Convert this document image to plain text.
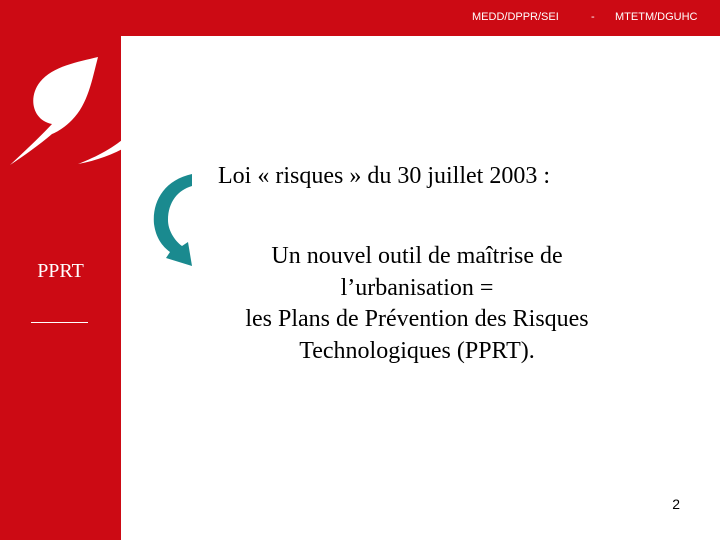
MEDD/DPPR/SEI	- MTETM/DGUHC
PPRT
Loi « risques » du 30 juillet 2003 :
Un nouvel outil de maîtrise de
l’urbanisation =
les Plans de Prévention des Risques
Technologiques (PPRT).
2
